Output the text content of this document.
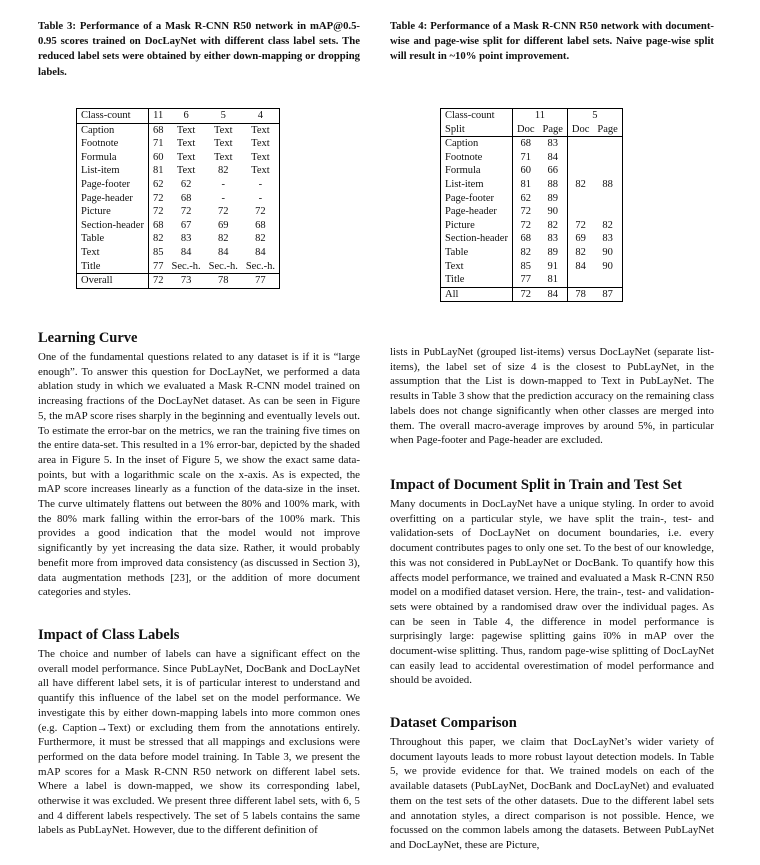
Table 3: Performance of a Mask R-CNN R50 network in mAP@0.5-0.95 scores trained on DocLayNet with different class label sets. The reduced label sets were obtained by either down-mapping or dropping labels.
Class-count	11	6	5	4
Caption	68	Text	Text	Text
Footnote	71	Text	Text	Text
Formula	60	Text	Text	Text
List-item	81	Text	82	Text
Page-footer	62	62	-	-
Page-header	72	68	-	-
Picture	72	72	72	72
Section-header	68	67	69	68
Table	82	83	82	82
Text	85	84	84	84
Title	77	Sec.-h.	Sec.-h.	Sec.-h.
Overall	72	73	78	77
Learning Curve

One of the fundamental questions related to any dataset is if it is “large enough”. To answer this question for DocLayNet, we performed a data ablation study in which we evaluated a Mask R-CNN model trained on increasing fractions of the DocLayNet dataset. As can be seen in Figure 5, the mAP score rises sharply in the beginning and eventually levels out. To estimate the error-bar on the metrics, we ran the training five times on the entire data-set. This resulted in a 1% error-bar, depicted by the shaded area in Figure 5. In the inset of Figure 5, we show the exact same data-points, but with a logarithmic scale on the x-axis. As is expected, the mAP score increases linearly as a function of the data-size in the inset. The curve ultimately flattens out between the 80% and 100% mark, with the 80% mark falling within the error-bars of the 100% mark. This provides a good indication that the model would not improve significantly by yet increasing the data size. Rather, it would probably benefit more from improved data consistency (as discussed in Section 3), data augmentation methods [23], or the addition of more document categories and styles.

Impact of Class Labels

The choice and number of labels can have a significant effect on the overall model performance. Since PubLayNet, DocBank and DocLayNet all have different label sets, it is of particular interest to understand and quantify this influence of the label set on the model performance. We investigate this by either down-mapping labels into more common ones (e.g. Caption→Text) or excluding them from the annotations entirely. Furthermore, it must be stressed that all mappings and exclusions were performed on the data before model training. In Table 3, we present the mAP scores for a Mask R-CNN R50 network on different label sets. Where a label is down-mapped, we show its corresponding label, otherwise it was excluded. We present three different label sets, with 6, 5 and 4 different labels respectively. The set of 5 labels contains the same labels as PubLayNet. However, due to the different definition of

Table 4: Performance of a Mask R-CNN R50 network with document-wise and page-wise split for different label sets. Naive page-wise split will result in ~10% point improvement.
Class-count	11		5	
Split	Doc	Page	Doc	Page
Caption	68	83		
Footnote	71	84		
Formula	60	66		
List-item	81	88	82	88
Page-footer	62	89		
Page-header	72	90		
Picture	72	82	72	82
Section-header	68	83	69	83
Table	82	89	82	90
Text	85	91	84	90
Title	77	81		
All	72	84	78	87

lists in PubLayNet (grouped list-items) versus DocLayNet (separate list-items), the label set of size 4 is the closest to PubLayNet, in the assumption that the List is down-mapped to Text in PubLayNet. The results in Table 3 show that the prediction accuracy on the remaining class labels does not change significantly when other classes are merged into them. The overall macro-average improves by around 5%, in particular when Page-footer and Page-header are excluded.

Impact of Document Split in Train and Test Set

Many documents in DocLayNet have a unique styling. In order to avoid overfitting on a particular style, we have split the train-, test- and validation-sets of DocLayNet on document boundaries, i.e. every document contributes pages to only one set. To the best of our knowledge, this was not considered in PubLayNet or DocBank. To quantify how this affects model performance, we trained and evaluated a Mask R-CNN R50 model on a modified dataset version. Here, the train-, test- and validation-sets were obtained by a randomised draw over the individual pages. As can be seen in Table 4, the difference in model performance is surprisingly large: pagewise splitting gains ĩ0% in mAP over the document-wise splitting. Thus, random page-wise splitting of DocLayNet can easily lead to accidental overestimation of model performance and should be avoided.

Dataset Comparison

Throughout this paper, we claim that DocLayNet’s wider variety of document layouts leads to more robust layout detection models. In Table 5, we provide evidence for that. We trained models on each of the available datasets (PubLayNet, DocBank and DocLayNet) and evaluated them on the test sets of the other datasets. Due to the different label sets and annotation styles, a direct comparison is not possible. Hence, we focussed on the common labels among the datasets. Between PubLayNet and DocLayNet, these are Picture,
